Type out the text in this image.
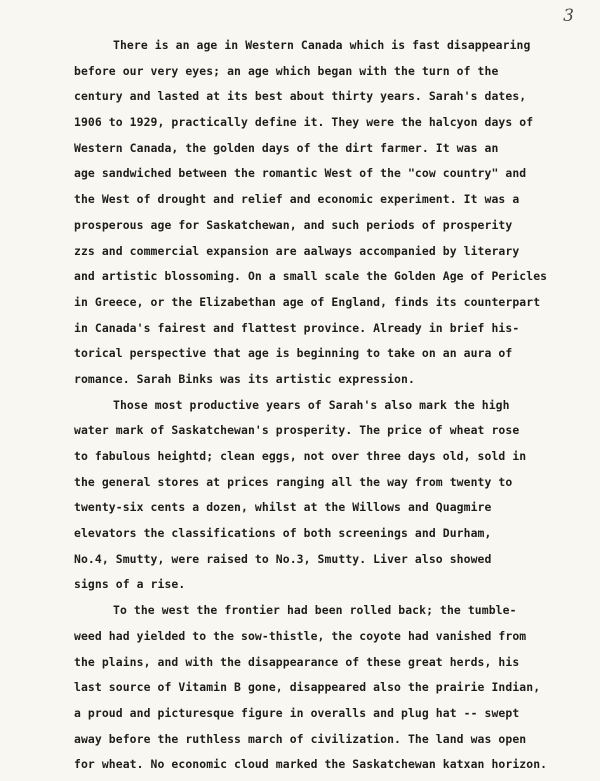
3
There is an age in Western Canada which is fast disappearing
before our very eyes; an age which began with the turn of the
century and lasted at its best about thirty years. Sarah's dates,
1906 to 1929, practically define it. They were the halcyon days of
Western Canada, the golden days of the dirt farmer. It was an
age sandwiched between the romantic West of the "cow country" and
the West of drought and relief and economic experiment. It was a
prosperous age for Saskatchewan, and such periods of prosperity
zzs and commercial expansion are aalways accompanied by literary
and artistic blossoming. On a small scale the Golden Age of Pericles
in Greece, or the Elizabethan age of England, finds its counterpart
in Canada's fairest and flattest province. Already in brief his-
torical perspective that age is beginning to take on an aura of
romance. Sarah Binks was its artistic expression.
Those most productive years of Sarah's also mark the high
water mark of Saskatchewan's prosperity. The price of wheat rose
to fabulous heightd; clean eggs, not over three days old, sold in
the general stores at prices ranging all the way from twenty to
twenty-six cents a dozen, whilst at the Willows and Quagmire
elevators the classifications of both screenings and Durham,
No.4, Smutty, were raised to No.3, Smutty. Liver also showed
signs of a rise.
To the west the frontier had been rolled back; the tumble-
weed had yielded to the sow-thistle, the coyote had vanished from
the plains, and with the disappearance of these great herds, his
last source of Vitamin B gone, disappeared also the prairie Indian,
a proud and picturesque figure in overalls and plug hat -- swept
away before the ruthless march of civilization. The land was open
for wheat. No economic cloud marked the Saskatchewan katxan horizon.
